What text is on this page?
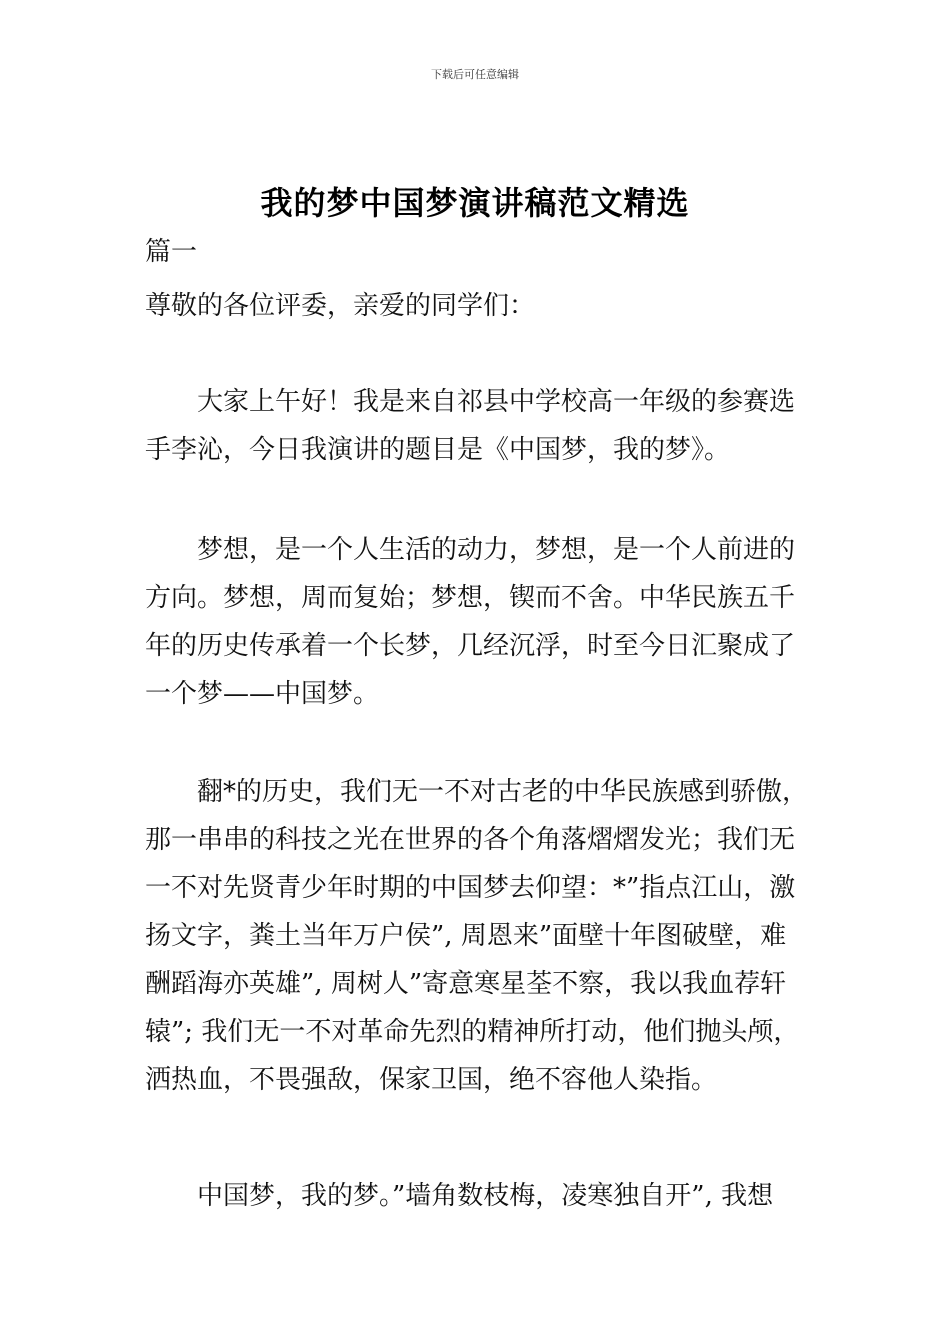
下载后可任意编辑
我的梦中国梦演讲稿范文精选

篇一

尊敬的各位评委，亲爱的同学们：

大家上午好！我是来自祁县中学校高一年级的参赛选
手李沁，今日我演讲的题目是《中国梦，我的梦》。

梦想，是一个人生活的动力，梦想，是一个人前进的
方向。梦想，周而复始；梦想，锲而不舍。中华民族五千
年的历史传承着一个长梦，几经沉浮，时至今日汇聚成了
一个梦——中国梦。

翻*的历史，我们无一不对古老的中华民族感到骄傲，
那一串串的科技之光在世界的各个角落熠熠发光；我们无
一不对先贤青少年时期的中国梦去仰望：*”指点江山，激
扬文字，粪土当年万户侯”, 周恩来”面壁十年图破壁，难
酬蹈海亦英雄”, 周树人”寄意寒星荃不察，我以我血荐轩
辕”; 我们无一不对革命先烈的精神所打动，他们抛头颅，
洒热血，不畏强敌，保家卫国，绝不容他人染指。

中国梦，我的梦。”墙角数枝梅，凌寒独自开”, 我想
